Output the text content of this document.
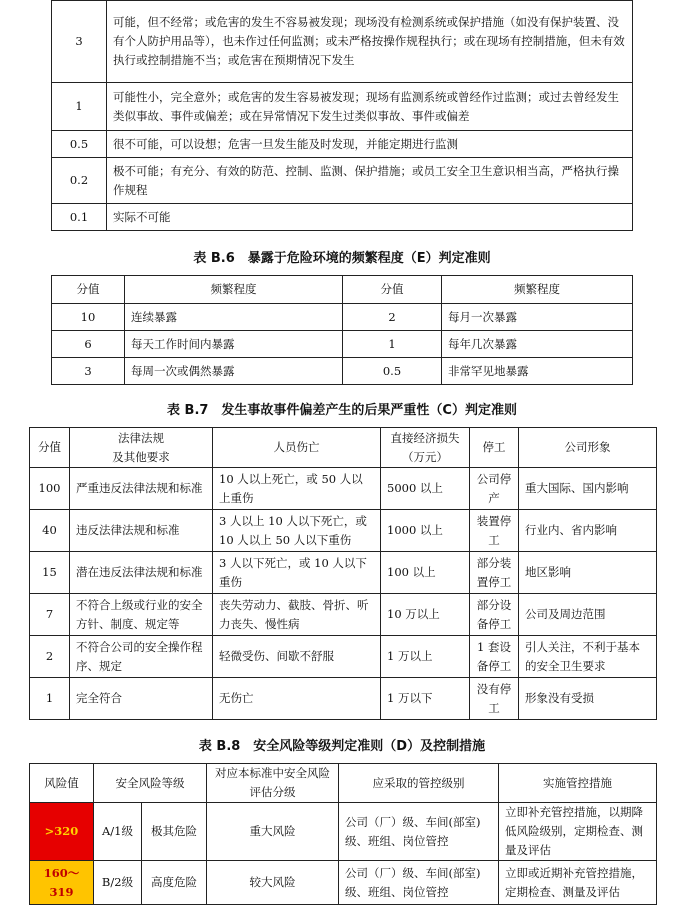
3	可能，但不经常；或危害的发生不容易被发现；现场没有检测系统或保护措施（如没有保护装置、没有个人防护用品等），也未作过任何监测；或未严格按操作规程执行；或在现场有控制措施，但未有效执行或控制措施不当；或危害在预期情况下发生
1	可能性小，完全意外；或危害的发生容易被发现；现场有监测系统或曾经作过监测；或过去曾经发生类似事故、事件或偏差；或在异常情况下发生过类似事故、事件或偏差
0.5	很不可能，可以设想；危害一旦发生能及时发现，并能定期进行监测
0.2	极不可能；有充分、有效的防范、控制、监测、保护措施；或员工安全卫生意识相当高，严格执行操作规程
0.1	实际不可能
表 B.6　暴露于危险环境的频繁程度（E）判定准则
分值	频繁程度	分值	频繁程度
10	连续暴露	2	每月一次暴露
6	每天工作时间内暴露	1	每年几次暴露
3	每周一次或偶然暴露	0.5	非常罕见地暴露
表 B.7　发生事故事件偏差产生的后果严重性（C）判定准则
分值	法律法规
及其他要求	人员伤亡	直接经济损失（万元）	停工	公司形象
100	严重违反法律法规和标准	10 人以上死亡，或 50 人以上重伤	5000 以上	公司停产	重大国际、国内影响
40	违反法律法规和标准	3 人以上 10 人以下死亡，或 10 人以上 50 人以下重伤	1000 以上	装置停工	行业内、省内影响
15	潜在违反法律法规和标准	3 人以下死亡，或 10 人以下重伤	100 以上	部分装置停工	地区影响
7	不符合上级或行业的安全方针、制度、规定等	丧失劳动力、截肢、骨折、听力丧失、慢性病	10 万以上	部分设备停工	公司及周边范围
2	不符合公司的安全操作程序、规定	轻微受伤、间歇不舒服	1 万以上	1 套设备停工	引人关注，不利于基本的安全卫生要求
1	完全符合	无伤亡	1 万以下	没有停工	形象没有受损
表 B.8　安全风险等级判定准则（D）及控制措施
风险值	安全风险等级		对应本标准中安全风险评估分级	应采取的管控级别	实施管控措施
>320	A/1级	极其危险	重大风险	公司（厂）级、车间(部室)级、班组、岗位管控	立即补充管控措施，以期降低风险级别，定期检查、测量及评估
160～319	B/2级	高度危险	较大风险	公司（厂）级、车间(部室)级、班组、岗位管控	立即或近期补充管控措施，定期检查、测量及评估
